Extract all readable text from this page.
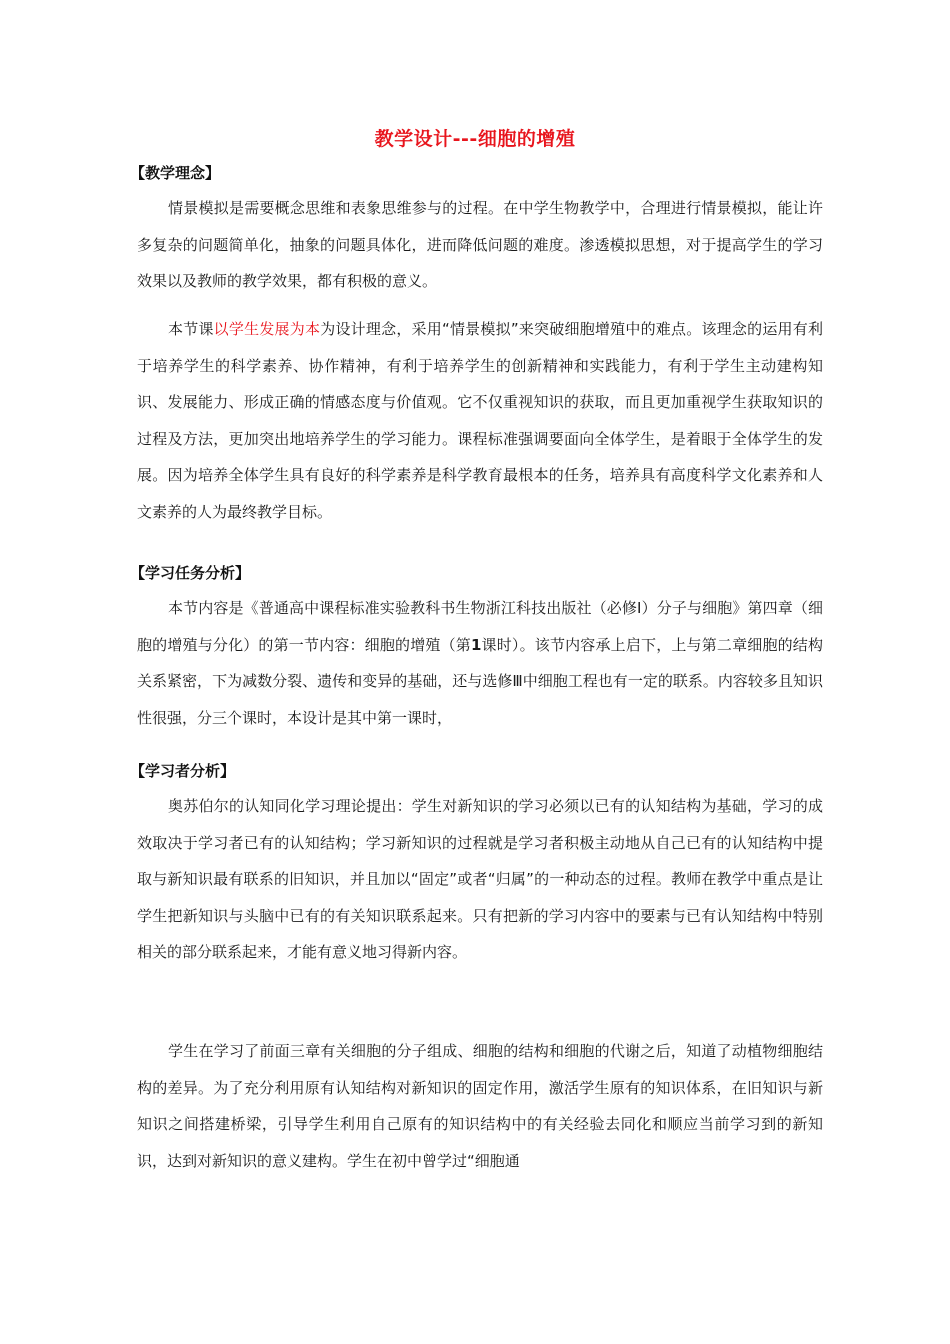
教学设计---细胞的增殖
【教学理念】
情景模拟是需要概念思维和表象思维参与的过程。在中学生物教学中，合理进行情景模拟，能让许多复杂的问题简单化，抽象的问题具体化，进而降低问题的难度。渗透模拟思想，对于提高学生的学习效果以及教师的教学效果，都有积极的意义。
本节课以学生发展为本为设计理念，采用“情景模拟”来突破细胞增殖中的难点。该理念的运用有利于培养学生的科学素养、协作精神，有利于培养学生的创新精神和实践能力，有利于学生主动建构知识、发展能力、形成正确的情感态度与价值观。它不仅重视知识的获取，而且更加重视学生获取知识的过程及方法，更加突出地培养学生的学习能力。课程标准强调要面向全体学生，是着眼于全体学生的发展。因为培养全体学生具有良好的科学素养是科学教育最根本的任务，培养具有高度科学文化素养和人文素养的人为最终教学目标。
【学习任务分析】
本节内容是《普通高中课程标准实验教科书生物浙江科技出版社（必修Ⅰ）分子与细胞》第四章（细胞的增殖与分化）的第一节内容：细胞的增殖（第1课时）。该节内容承上启下，上与第二章细胞的结构关系紧密，下为减数分裂、遗传和变异的基础，还与选修Ⅲ中细胞工程也有一定的联系。内容较多且知识性很强，分三个课时，本设计是其中第一课时，
【学习者分析】
奥苏伯尔的认知同化学习理论提出：学生对新知识的学习必须以已有的认知结构为基础，学习的成效取决于学习者已有的认知结构；学习新知识的过程就是学习者积极主动地从自己已有的认知结构中提取与新知识最有联系的旧知识，并且加以“固定”或者“归属”的一种动态的过程。教师在教学中重点是让学生把新知识与头脑中已有的有关知识联系起来。只有把新的学习内容中的要素与已有认知结构中特别相关的部分联系起来，才能有意义地习得新内容。
学生在学习了前面三章有关细胞的分子组成、细胞的结构和细胞的代谢之后，知道了动植物细胞结构的差异。为了充分利用原有认知结构对新知识的固定作用，激活学生原有的知识体系，在旧知识与新知识之间搭建桥梁，引导学生利用自己原有的知识结构中的有关经验去同化和顺应当前学习到的新知识，达到对新知识的意义建构。学生在初中曾学过“细胞通
